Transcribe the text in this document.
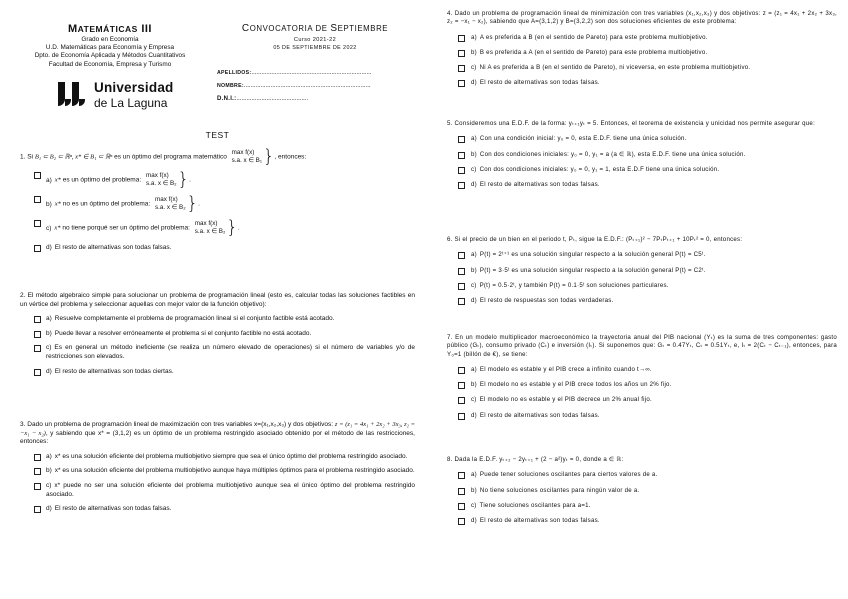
MATEMÁTICAS III
Grado en Economía
U.D. Matemáticas para Economía y Empresa
Dpto. de Economía Aplicada y Métodos Cuantitativos
Facultad de Economía, Empresa y Turismo
Universidad
de La Laguna
CONVOCATORIA DE SEPTIEMBRE
Curso 2021-22
05 DE SEPTIEMBRE DE 2022
APELLIDOS:........................................................................
NOMBRE:............................................................................
D.N.I.:...........................................
TEST
1. Si B₁ ⊂ B₂ ⊂ ℝⁿ, x* ∈ B₁ ⊂ ℝⁿ es un óptimo del programa matemático
max f(x)
s.a. x ∈ B₁ }, entonces:
a) x* es un óptimo del problema:
max f(x)
s.a. x ∈ B₂ }.
b) x* no es un óptimo del problema:
max f(x)
s.a. x ∈ B₂ }.
c) x* no tiene porqué ser un óptimo del problema:
max f(x)
s.a. x ∈ B₂ }.
d) El resto de alternativas son todas falsas.
2. El método algebraico simple para solucionar un problema de programación lineal (esto es, calcular todas las soluciones factibles en un vértice del problema y seleccionar aquellas con mejor valor de la función objetivo):
a) Resuelve completamente el problema de programación lineal si el conjunto factible está acotado.
b) Puede llevar a resolver erróneamente el problema si el conjunto factible no está acotado.
c) Es en general un método ineficiente (se realiza un número elevado de operaciones) si el número de variables y/o de restricciones son elevados.
d) El resto de alternativas son todas ciertas.
3. Dado un problema de programación lineal de maximización con tres variables x=(x₁,x₂,x₃) y dos objetivos: z = (z₁ = 4x₁ + 2x₂ + 3x₃, z₂ = −x₁ − x₂), y sabiendo que x* = (3,1,2) es un óptimo de un problema restringido asociado obtenido por el método de las restricciones, entonces:
a) x* es una solución eficiente del problema multiobjetivo siempre que sea el único óptimo del problema restringido asociado.
b) x* es una solución eficiente del problema multiobjetivo aunque haya múltiples óptimos para el problema restringido asociado.
c) x* puede no ser una solución eficiente del problema multiobjetivo aunque sea el único óptimo del problema restringido asociado.
d) El resto de alternativas son todas falsas.
4. Dado un problema de programación lineal de minimización con tres variables (x₁,x₂,x₃) y dos objetivos: z = (z₁ = 4x₁ + 2x₂ + 3x₃, z₂ = −x₁ − x₂), sabiendo que A=(3,1,2) y B=(3,2,2) son dos soluciones eficientes de este problema:
a) A es preferida a B (en el sentido de Pareto) para este problema multiobjetivo.
b) B es preferida a A (en el sentido de Pareto) para este problema multiobjetivo.
c) Ni A es preferida a B (en el sentido de Pareto), ni viceversa, en este problema multiobjetivo.
d) El resto de alternativas son todas falsas.
5. Consideremos una E.D.F. de la forma: yₜ₊₁yₜ = 5. Entonces, el teorema de existencia y unicidad nos permite asegurar que:
a) Con una condición inicial: y₀ = 0, esta E.D.F. tiene una única solución.
b) Con dos condiciones iniciales: y₀ = 0, y₁ = a (a ∈ ℝ), esta E.D.F. tiene una única solución.
c) Con dos condiciones iniciales: y₀ = 0, y₁ = 1, esta E.D.F tiene una única solución.
d) El resto de alternativas son todas falsas.
6. Si el precio de un bien en el periodo t, Pₜ, sigue la E.D.F.: (Pₜ₊₁)² − 7PₜPₜ₊₁ + 10Pₜ² = 0, entonces:
a) P(t) = 2ᵗ⁺¹ es una solución singular respecto a la solución general P(t) = C5ᵗ.
b) P(t) = 3·5ᵗ es una solución singular respecto a la solución general P(t) = C2ᵗ.
c) P(t) = 0.5·2ᵗ, y también P(t) = 0.1·5ᵗ son soluciones particulares.
d) El resto de respuestas son todas verdaderas.
7. En un modelo multiplicador macroeconómico la trayectoria anual del PIB nacional (Yₜ) es la suma de tres componentes: gasto público (Gₜ), consumo privado (Cₜ) e inversión (Iₜ). Si suponemos que: Gₜ = 0.47Yₜ, Cₜ = 0.51Yₜ, e, Iₜ = 2(Cₜ − Cₜ₋₁), entonces, para Y₀=1 (billón de €), se tiene:
a) El modelo es estable y el PIB crece a infinito cuando t→∞.
b) El modelo no es estable y el PIB crece todos los años un 2% fijo.
c) El modelo no es estable y el PIB decrece un 2% anual fijo.
d) El resto de alternativas son todas falsas.
8. Dada la E.D.F. yₜ₊₂ − 2yₜ₊₁ + (2 − a²)yₜ = 0, donde a ∈ ℝ:
a) Puede tener soluciones oscilantes para ciertos valores de a.
b) No tiene soluciones oscilantes para ningún valor de a.
c) Tiene soluciones oscilantes para a=1.
d) El resto de alternativas son todas falsas.
